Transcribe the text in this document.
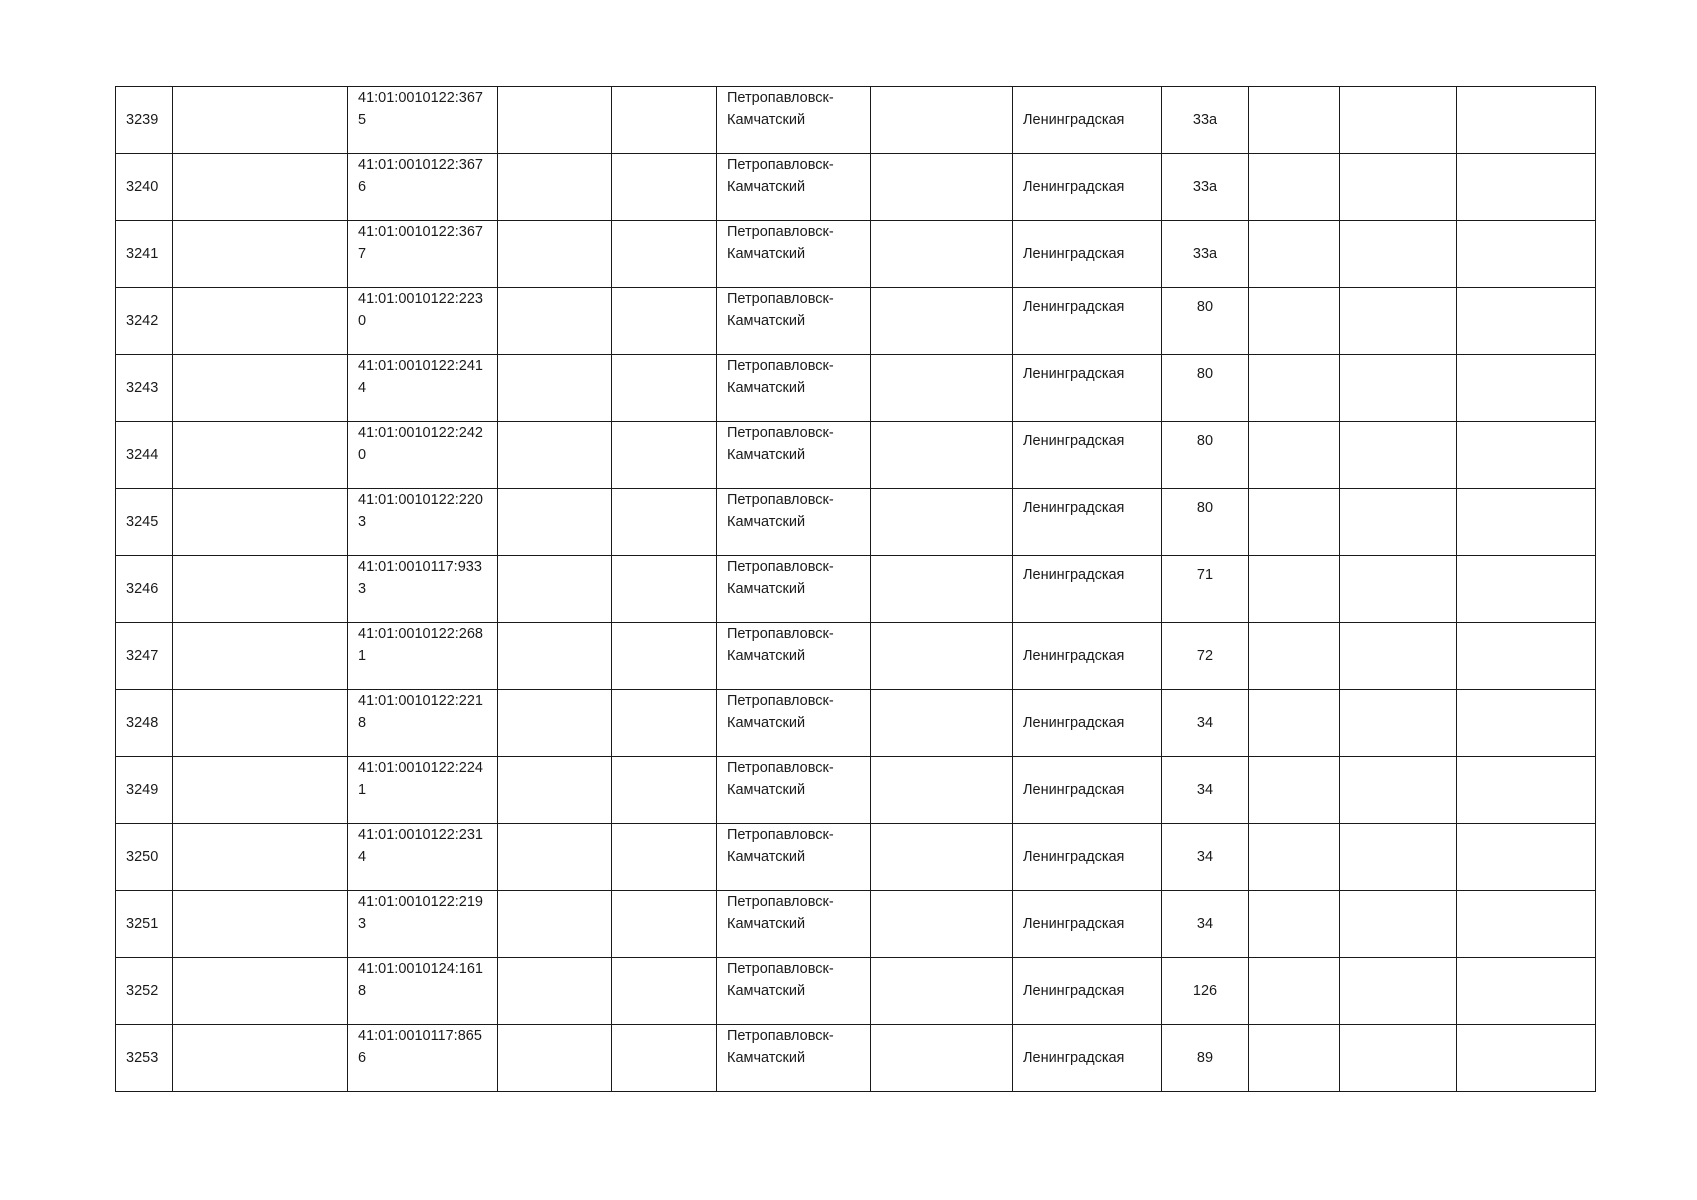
3239		41:01:0010122:3675			Петропавловск-Камчатский		Ленинградская	33а			
3240		41:01:0010122:3676			Петропавловск-Камчатский		Ленинградская	33а			
3241		41:01:0010122:3677			Петропавловск-Камчатский		Ленинградская	33а			
3242		41:01:0010122:2230			Петропавловск-Камчатский		Ленинградская	80			
3243		41:01:0010122:2414			Петропавловск-Камчатский		Ленинградская	80			
3244		41:01:0010122:2420			Петропавловск-Камчатский		Ленинградская	80			
3245		41:01:0010122:2203			Петропавловск-Камчатский		Ленинградская	80			
3246		41:01:0010117:9333			Петропавловск-Камчатский		Ленинградская	71			
3247		41:01:0010122:2681			Петропавловск-Камчатский		Ленинградская	72			
3248		41:01:0010122:2218			Петропавловск-Камчатский		Ленинградская	34			
3249		41:01:0010122:2241			Петропавловск-Камчатский		Ленинградская	34			
3250		41:01:0010122:2314			Петропавловск-Камчатский		Ленинградская	34			
3251		41:01:0010122:2193			Петропавловск-Камчатский		Ленинградская	34			
3252		41:01:0010124:1618			Петропавловск-Камчатский		Ленинградская	126			
3253		41:01:0010117:8656			Петропавловск-Камчатский		Ленинградская	89			
